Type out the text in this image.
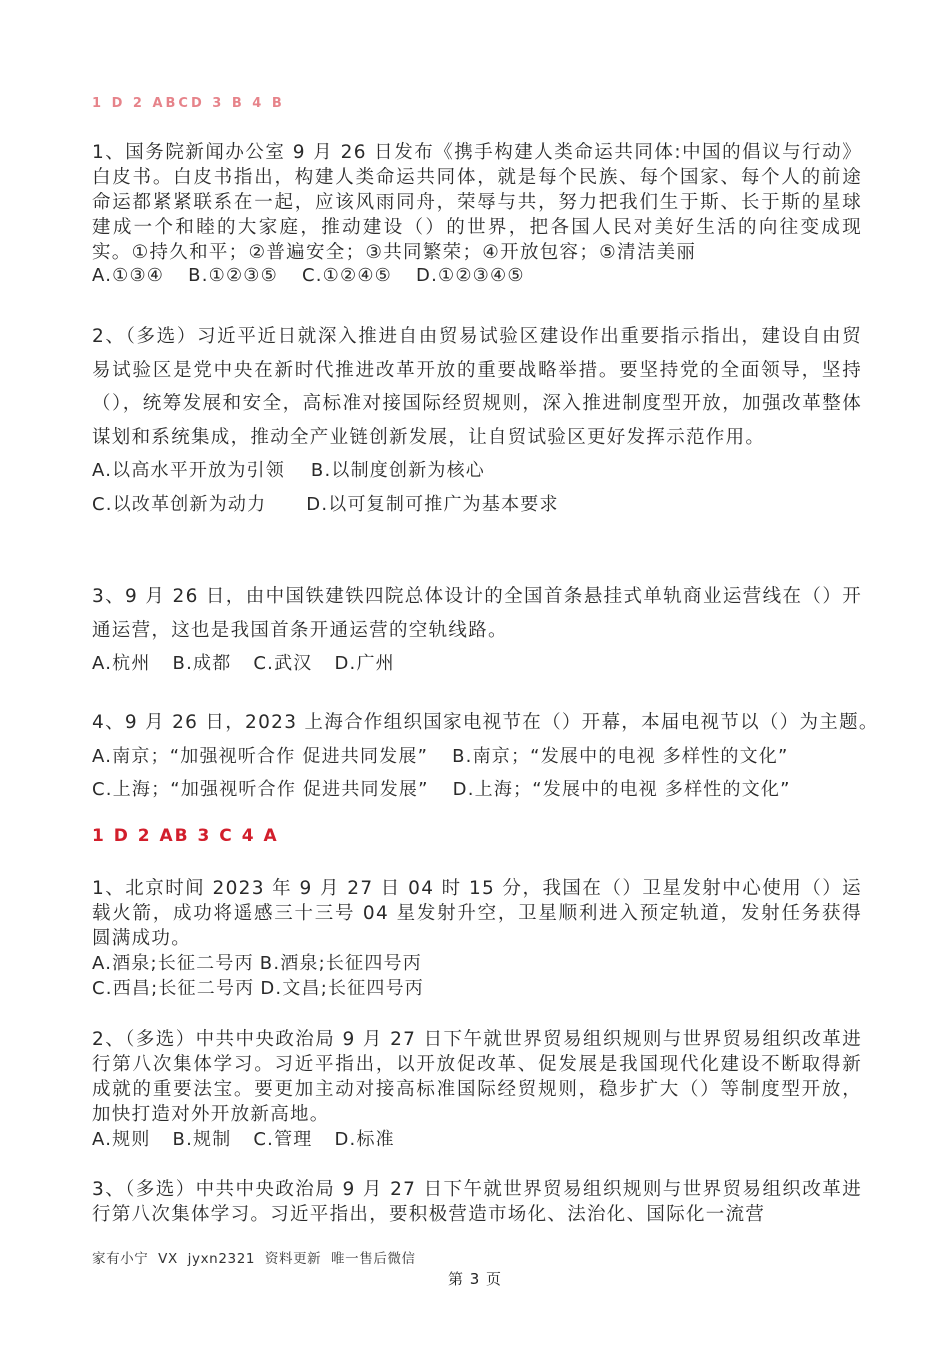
1 D 2 ABCD 3 B 4 B

1、国务院新闻办公室 9 月 26 日发布《携手构建人类命运共同体:中国的倡议与行动》白皮书。白皮书指出，构建人类命运共同体，就是每个民族、每个国家、每个人的前途命运都紧紧联系在一起，应该风雨同舟，荣辱与共，努力把我们生于斯、长于斯的星球建成一个和睦的大家庭，推动建设（）的世界，把各国人民对美好生活的向往变成现实。①持久和平；②普遍安全；③共同繁荣；④开放包容；⑤清洁美丽

A.①③④ B.①②③⑤ C.①②④⑤ D.①②③④⑤

2、（多选）习近平近日就深入推进自由贸易试验区建设作出重要指示指出，建设自由贸易试验区是党中央在新时代推进改革开放的重要战略举措。要坚持党的全面领导，坚持（），统筹发展和安全，高标准对接国际经贸规则，深入推进制度型开放，加强改革整体谋划和系统集成，推动全产业链创新发展，让自贸试验区更好发挥示范作用。

A.以高水平开放为引领 B.以制度创新为核心

C.以改革创新为动力 D.以可复制可推广为基本要求

3、9 月 26 日，由中国铁建铁四院总体设计的全国首条悬挂式单轨商业运营线在（）开通运营，这也是我国首条开通运营的空轨线路。

A.杭州 B.成都 C.武汉 D.广州

4、9 月 26 日，2023 上海合作组织国家电视节在（）开幕，本届电视节以（）为主题。

A.南京；“加强视听合作 促进共同发展” B.南京；“发展中的电视 多样性的文化”

C.上海；“加强视听合作 促进共同发展” D.上海；“发展中的电视 多样性的文化”

1 D 2 AB 3 C 4 A

1、北京时间 2023 年 9 月 27 日 04 时 15 分，我国在（）卫星发射中心使用（）运载火箭，成功将遥感三十三号 04 星发射升空，卫星顺利进入预定轨道，发射任务获得圆满成功。

A.酒泉;长征二号丙 B.酒泉;长征四号丙

C.西昌;长征二号丙 D.文昌;长征四号丙

2、（多选）中共中央政治局 9 月 27 日下午就世界贸易组织规则与世界贸易组织改革进行第八次集体学习。习近平指出，以开放促改革、促发展是我国现代化建设不断取得新成就的重要法宝。要更加主动对接高标准国际经贸规则，稳步扩大（）等制度型开放，加快打造对外开放新高地。

A.规则 B.规制 C.管理 D.标准

3、（多选）中共中央政治局 9 月 27 日下午就世界贸易组织规则与世界贸易组织改革进行第八次集体学习。习近平指出，要积极营造市场化、法治化、国际化一流营

家有小宁  VX  jyxn2321  资料更新  唯一售后微信
第 3 页
